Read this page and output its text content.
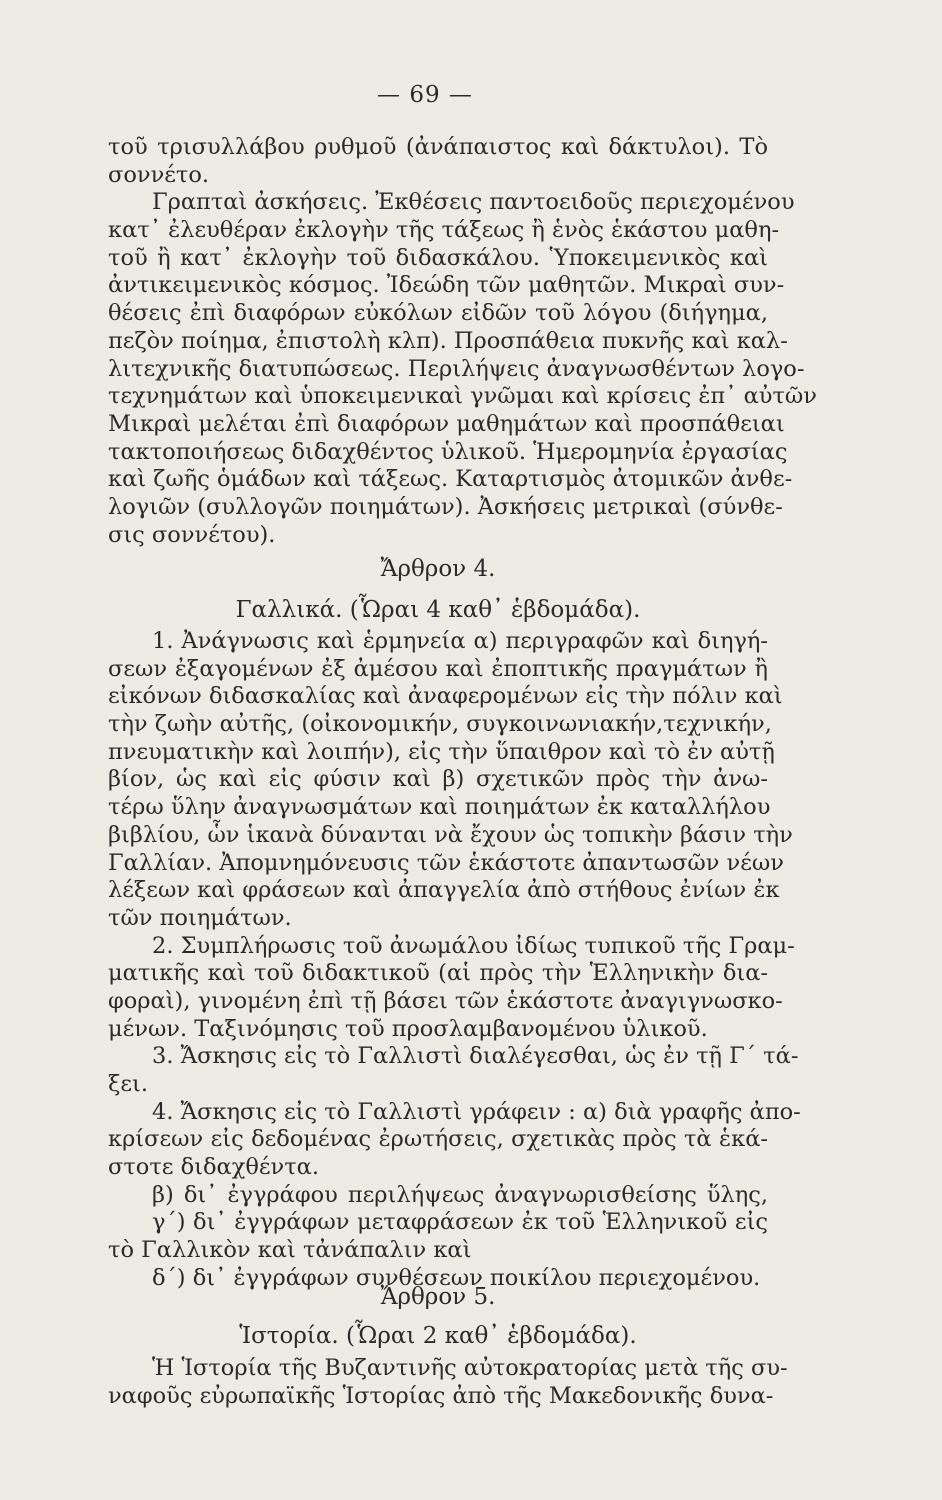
— 69 —
τοῦ τρισυλλάβου ρυθμοῦ (ἀνάπαιστος καὶ δάκτυλοι). Τὸ
σοννέτο.
Γραπταὶ ἀσκήσεις. Ἐκθέσεις παντοειδοῦς περιεχομένου
κατ᾿ ἐλευθέραν ἐκλογὴν τῆς τάξεως ἢ ἑνὸς ἑκάστου μαθη-
τοῦ ἢ κατ᾿ ἐκλογὴν τοῦ διδασκάλου. Ὑποκειμενικὸς καὶ
ἀντικειμενικὸς κόσμος. Ἰδεώδη τῶν μαθητῶν. Μικραὶ συν-
θέσεις ἐπὶ διαφόρων εὐκόλων εἰδῶν τοῦ λόγου (διήγημα,
πεζὸν ποίημα, ἐπιστολὴ κλπ). Προσπάθεια πυκνῆς καὶ καλ-
λιτεχνικῆς διατυπώσεως. Περιλήψεις ἀναγνωσθέντων λογο-
τεχνημάτων καὶ ὑποκειμενικαὶ γνῶμαι καὶ κρίσεις ἐπ᾿ αὐτῶν
Μικραὶ μελέται ἐπὶ διαφόρων μαθημάτων καὶ προσπάθειαι
τακτοποιήσεως διδαχθέντος ὑλικοῦ. Ἡμερομηνία ἐργασίας
καὶ ζωῆς ὁμάδων καὶ τάξεως. Καταρτισμὸς ἀτομικῶν ἀνθε-
λογιῶν (συλλογῶν ποιημάτων). Ἀσκήσεις μετρικαὶ (σύνθε-
σις σοννέτου).
Ἄρθρον 4.
Γαλλικά. (Ὧραι 4 καθ᾿ ἑβδομάδα).
1. Ἀνάγνωσις καὶ ἑρμηνεία α) περιγραφῶν καὶ διηγή-
σεων ἐξαγομένων ἐξ ἀμέσου καὶ ἐποπτικῆς πραγμάτων ἢ
εἰκόνων διδασκαλίας καὶ ἀναφερομένων εἰς τὴν πόλιν καὶ
τὴν ζωὴν αὐτῆς, (οἰκονομικήν, συγκοινωνιακήν,τεχνικήν,
πνευματικὴν καὶ λοιπήν), εἰς τὴν ὕπαιθρον καὶ τὸ ἐν αὐτῇ
βίον, ὡς καὶ εἰς φύσιν καὶ β) σχετικῶν πρὸς τὴν ἀνω-
τέρω ὕλην ἀναγνωσμάτων καὶ ποιημάτων ἐκ καταλλήλου
βιβλίου, ὧν ἱκανὰ δύνανται νὰ ἔχουν ὡς τοπικὴν βάσιν τὴν
Γαλλίαν. Ἀπομνημόνευσις τῶν ἑκάστοτε ἀπαντωσῶν νέων
λέξεων καὶ φράσεων καὶ ἀπαγγελία ἀπὸ στήθους ἐνίων ἐκ
τῶν ποιημάτων.
2. Συμπλήρωσις τοῦ ἀνωμάλου ἰδίως τυπικοῦ τῆς Γραμ-
ματικῆς καὶ τοῦ διδακτικοῦ (αἱ πρὸς τὴν Ἑλληνικὴν δια-
φοραὶ), γινομένη ἐπὶ τῇ βάσει τῶν ἑκάστοτε ἀναγιγνωσκο-
μένων. Ταξινόμησις τοῦ προσλαμβανομένου ὑλικοῦ.
3. Ἄσκησις εἰς τὸ Γαλλιστὶ διαλέγεσθαι, ὡς ἐν τῇ Γ΄ τά-
ξει.
4. Ἄσκησις εἰς τὸ Γαλλιστὶ γράφειν : α) διὰ γραφῆς ἀπο-
κρίσεων εἰς δεδομένας ἐρωτήσεις, σχετικὰς πρὸς τὰ ἑκά-
στοτε διδαχθέντα.
β) δι᾿ ἐγγράφου περιλήψεως ἀναγνωρισθείσης ὕλης,
γ΄) δι᾿ ἐγγράφων μεταφράσεων ἐκ τοῦ Ἑλληνικοῦ εἰς
τὸ Γαλλικὸν καὶ τἀνάπαλιν καὶ
δ΄) δι᾿ ἐγγράφων συνθέσεων ποικίλου περιεχομένου.
Ἄρθρον 5.
Ἱστορία. (Ὧραι 2 καθ᾿ ἑβδομάδα).
Ἡ Ἱστορία τῆς Βυζαντινῆς αὐτοκρατορίας μετὰ τῆς συ-
ναφοῦς εὐρωπαϊκῆς Ἱστορίας ἀπὸ τῆς Μακεδονικῆς δυνα-
